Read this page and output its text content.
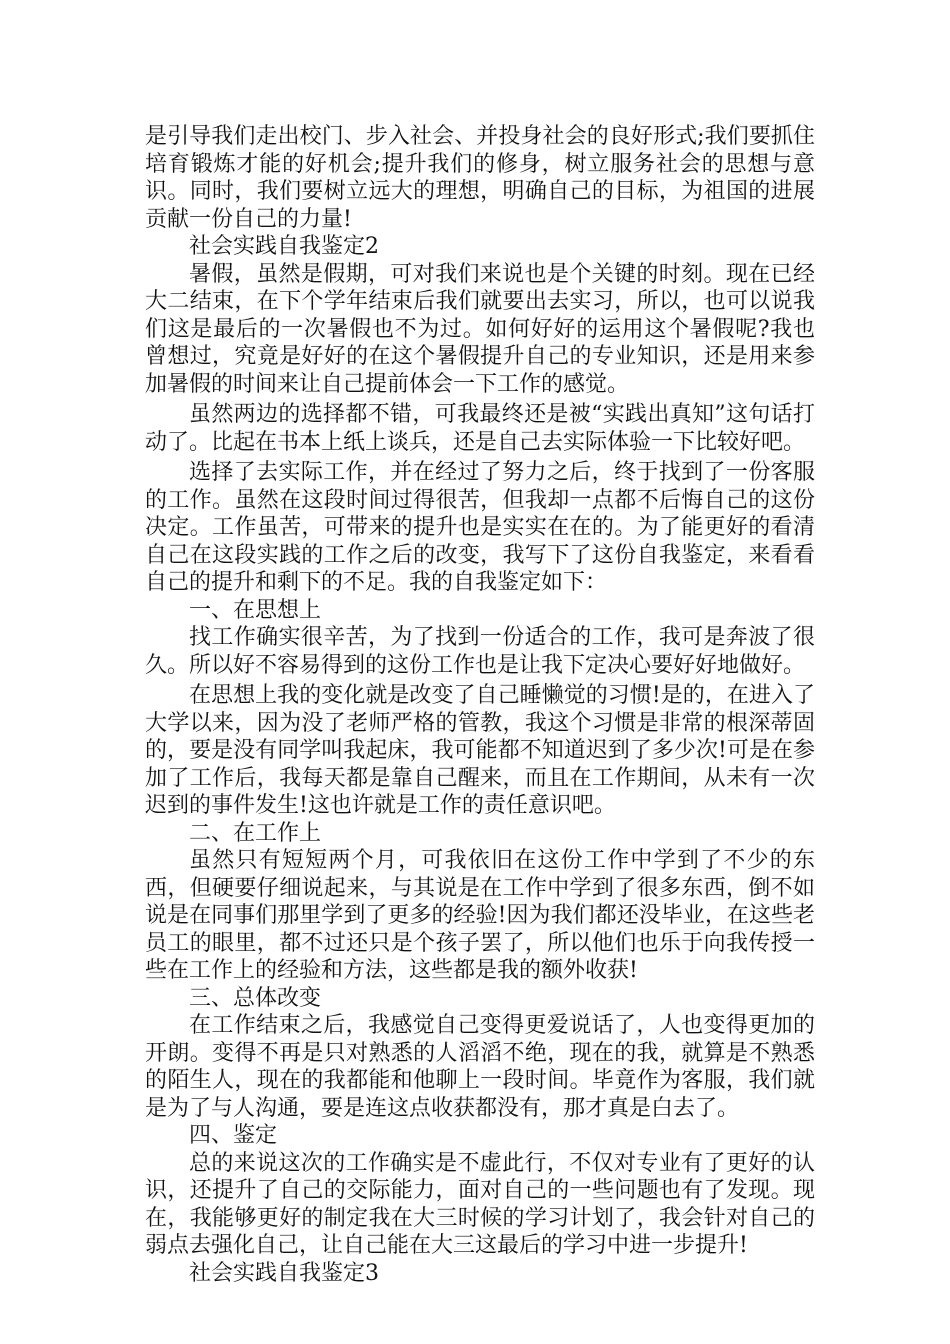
是引导我们走出校门、步入社会、并投身社会的良好形式;我们要抓住培育锻炼才能的好机会;提升我们的修身，树立服务社会的思想与意识。同时，我们要树立远大的理想，明确自己的目标，为祖国的进展贡献一份自己的力量!

社会实践自我鉴定2

暑假，虽然是假期，可对我们来说也是个关键的时刻。现在已经大二结束，在下个学年结束后我们就要出去实习，所以，也可以说我们这是最后的一次暑假也不为过。如何好好的运用这个暑假呢?我也曾想过，究竟是好好的在这个暑假提升自己的专业知识，还是用来参加暑假的时间来让自己提前体会一下工作的感觉。

虽然两边的选择都不错，可我最终还是被“实践出真知”这句话打动了。比起在书本上纸上谈兵，还是自己去实际体验一下比较好吧。

选择了去实际工作，并在经过了努力之后，终于找到了一份客服的工作。虽然在这段时间过得很苦，但我却一点都不后悔自己的这份决定。工作虽苦，可带来的提升也是实实在在的。为了能更好的看清自己在这段实践的工作之后的改变，我写下了这份自我鉴定，来看看自己的提升和剩下的不足。我的自我鉴定如下：

一、在思想上

找工作确实很辛苦，为了找到一份适合的工作，我可是奔波了很久。所以好不容易得到的这份工作也是让我下定决心要好好地做好。

在思想上我的变化就是改变了自己睡懒觉的习惯!是的，在进入了大学以来，因为没了老师严格的管教，我这个习惯是非常的根深蒂固的，要是没有同学叫我起床，我可能都不知道迟到了多少次!可是在参加了工作后，我每天都是靠自己醒来，而且在工作期间，从未有一次迟到的事件发生!这也许就是工作的责任意识吧。

二、在工作上

虽然只有短短两个月，可我依旧在这份工作中学到了不少的东西，但硬要仔细说起来，与其说是在工作中学到了很多东西，倒不如说是在同事们那里学到了更多的经验!因为我们都还没毕业，在这些老员工的眼里，都不过还只是个孩子罢了，所以他们也乐于向我传授一些在工作上的经验和方法，这些都是我的额外收获!

三、总体改变

在工作结束之后，我感觉自己变得更爱说话了，人也变得更加的开朗。变得不再是只对熟悉的人滔滔不绝，现在的我，就算是不熟悉的陌生人，现在的我都能和他聊上一段时间。毕竟作为客服，我们就是为了与人沟通，要是连这点收获都没有，那才真是白去了。

四、鉴定

总的来说这次的工作确实是不虚此行，不仅对专业有了更好的认识，还提升了自己的交际能力，面对自己的一些问题也有了发现。现在，我能够更好的制定我在大三时候的学习计划了，我会针对自己的弱点去强化自己，让自己能在大三这最后的学习中进一步提升!

社会实践自我鉴定3
